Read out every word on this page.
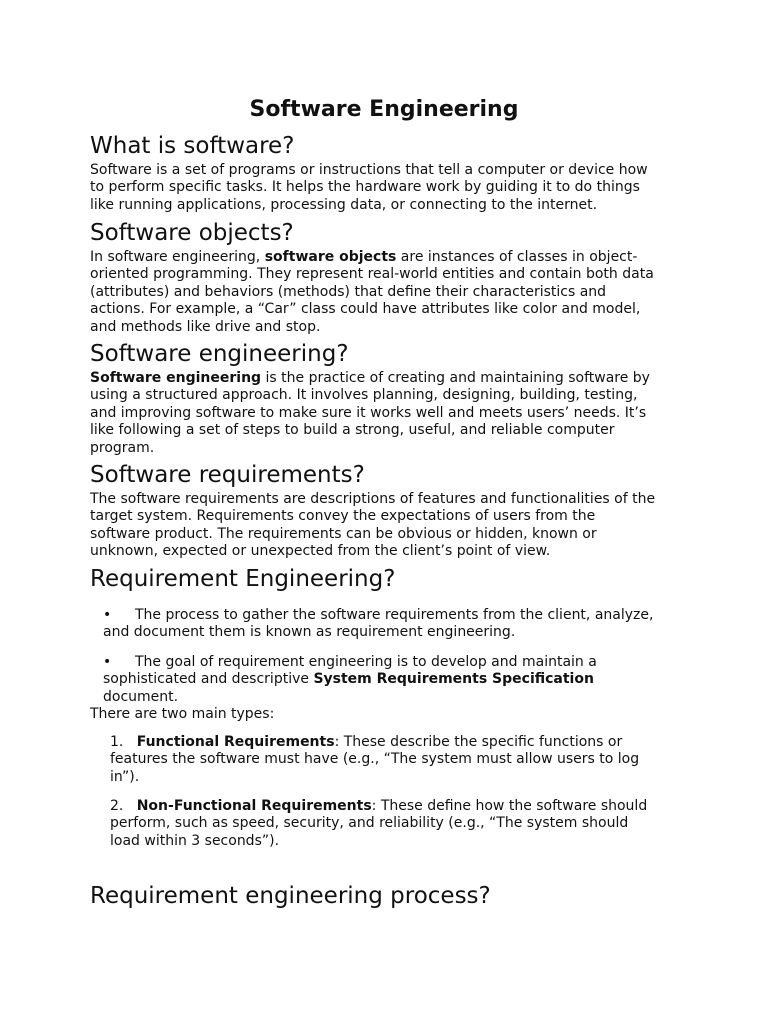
Software Engineering
What is software?
Software is a set of programs or instructions that tell a computer or device how
to perform specific tasks. It helps the hardware work by guiding it to do things
like running applications, processing data, or connecting to the internet.
Software objects?
In software engineering, software objects are instances of classes in object-
oriented programming. They represent real-world entities and contain both data
(attributes) and behaviors (methods) that define their characteristics and
actions. For example, a “Car” class could have attributes like color and model,
and methods like drive and stop.
Software engineering?
Software engineering is the practice of creating and maintaining software by
using a structured approach. It involves planning, designing, building, testing,
and improving software to make sure it works well and meets users’ needs. It’s
like following a set of steps to build a strong, useful, and reliable computer
program.
Software requirements?
The software requirements are descriptions of features and functionalities of the
target system. Requirements convey the expectations of users from the
software product. The requirements can be obvious or hidden, known or
unknown, expected or unexpected from the client’s point of view.
Requirement Engineering?
• The process to gather the software requirements from the client, analyze,
and document them is known as requirement engineering.
• The goal of requirement engineering is to develop and maintain a
sophisticated and descriptive System Requirements Specification
document.
There are two main types:
1. Functional Requirements: These describe the specific functions or
features the software must have (e.g., “The system must allow users to log
in”).
2. Non-Functional Requirements: These define how the software should
perform, such as speed, security, and reliability (e.g., “The system should
load within 3 seconds”).
Requirement engineering process?
